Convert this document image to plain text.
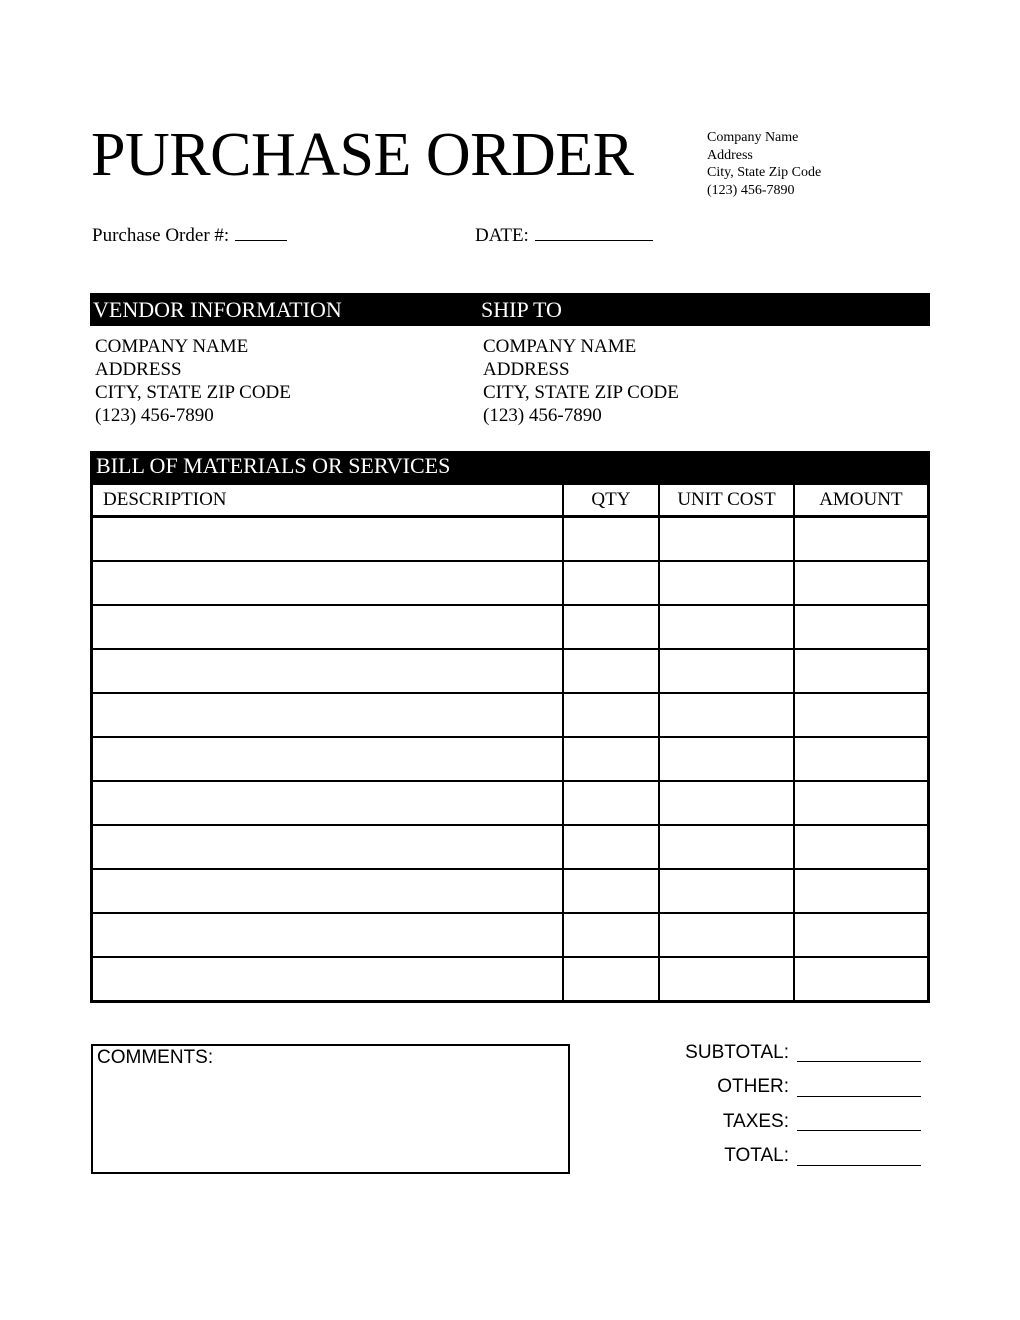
PURCHASE ORDER	Company Name
Address
City, State Zip Code
(123) 456-7890
Purchase Order #:	DATE:
VENDOR INFORMATION	SHIP TO
COMPANY NAME
ADDRESS
CITY, STATE ZIP CODE
(123) 456-7890
COMPANY NAME
ADDRESS
CITY, STATE ZIP CODE
(123) 456-7890
BILL OF MATERIALS OR SERVICES
DESCRIPTION	QTY	UNIT COST	AMOUNT

COMMENTS:	SUBTOTAL:
OTHER:
TAXES:
TOTAL:
